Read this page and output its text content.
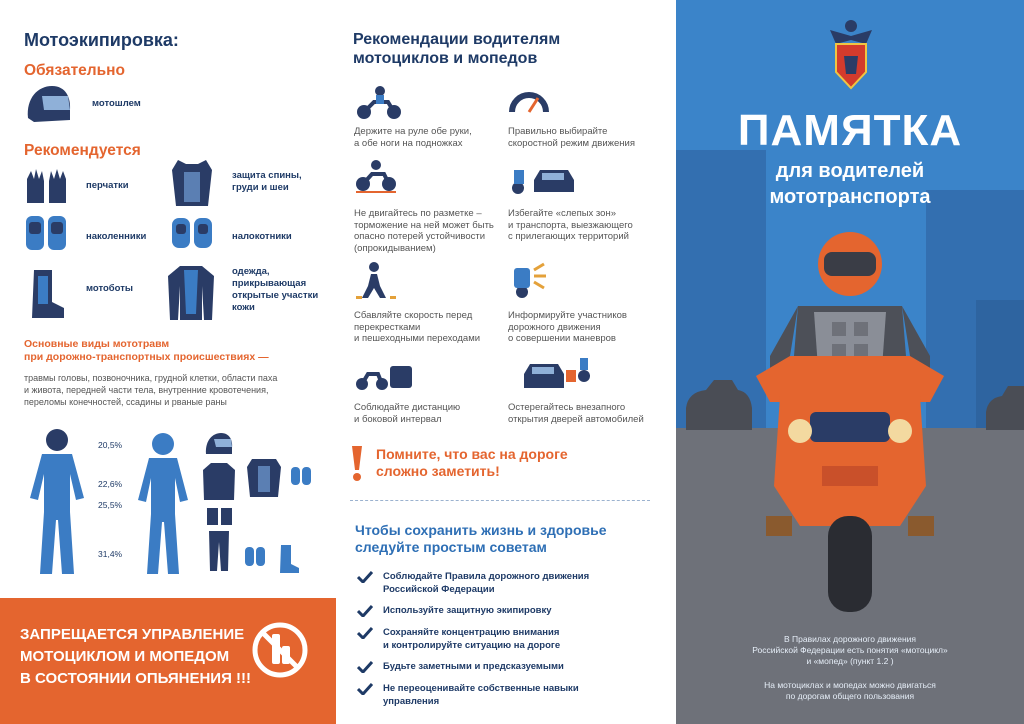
Мотоэкипировка:
Обязательно
мотошлем
Рекомендуется
перчатки
защита спины,
груди и шеи
наколенники	налокотники
мотоботы
одежда,
прикрывающая
открытые участки
кожи
Основные виды мототравм
при дорожно-транспортных происшествиях —
травмы головы, позвоночника, грудной клетки, области паха
и живота, передней части тела, внутренние кровотечения,
переломы конечностей, ссадины и рваные раны
20,5%
22,6%
25,5%
31,4%
ЗАПРЕЩАЕТСЯ УПРАВЛЕНИЕ
МОТОЦИКЛОМ И МОПЕДОМ
В СОСТОЯНИИ ОПЬЯНЕНИЯ !!!
Рекомендации водителям
мотоциклов и мопедов
Держите на руле обе руки,
а обе ноги на подножках
Правильно выбирайте
скоростной режим движения
Не двигайтесь по разметке –
торможение на ней может быть
опасно потерей устойчивости
(опрокидыванием)
Избегайте «слепых зон»
и транспорта, выезжающего
с прилегающих территорий
Сбавляйте скорость перед
перекрестками
и пешеходными переходами
Информируйте участников
дорожного движения
о совершении маневров
Соблюдайте дистанцию
и боковой интервал
Остерегайтесь внезапного
открытия дверей автомобилей
Помните, что вас на дороге
сложно заметить!
Чтобы сохранить жизнь и здоровье
следуйте простым советам
Соблюдайте Правила дорожного движения
Российской Федерации
Используйте защитную экипировку
Сохраняйте концентрацию внимания
и контролируйте ситуацию на дороге
Будьте заметными и предсказуемыми
Не переоценивайте собственные навыки
управления
ПАМЯТКА
для водителей
мототранспорта
В Правилах дорожного движения
Российской Федерации есть понятия «мотоцикл»
и «мопед» (пункт 1.2 )
На мотоциклах и мопедах можно двигаться
по дорогам общего пользования
